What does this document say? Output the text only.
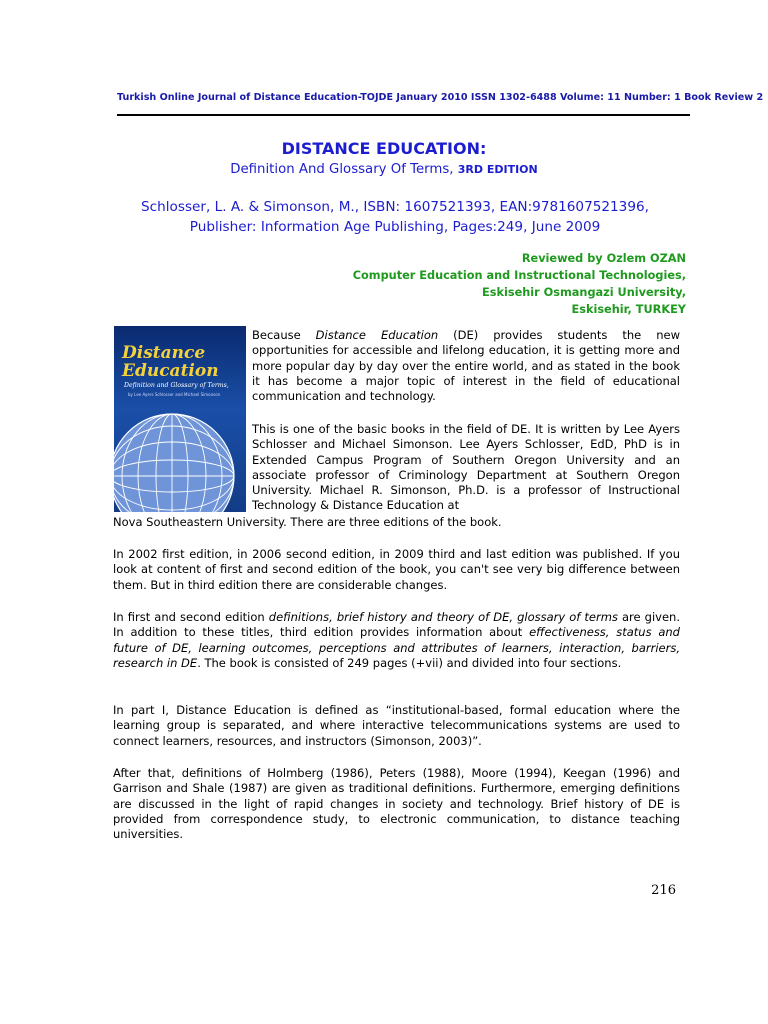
Turkish Online Journal of Distance Education-TOJDE January 2010 ISSN 1302-6488 Volume: 11 Number: 1 Book Review 2
DISTANCE EDUCATION:
Definition And Glossary Of Terms, 3RD EDITION
Schlosser, L. A. & Simonson, M., ISBN: 1607521393, EAN:9781607521396,
Publisher: Information Age Publishing, Pages:249, June 2009
Reviewed by Ozlem OZAN
Computer Education and Instructional Technologies,
Eskisehir Osmangazi University,
Eskisehir, TURKEY
Distance
Education
Definition and Glossary of Terms,
by Lee Ayers Schlosser and Michael Simonson

Because Distance Education (DE) provides students the new opportunities for accessible and lifelong education, it is getting more and more popular day by day over the entire world, and as stated in the book it has become a major topic of interest in the field of educational communication and technology.

This is one of the basic books in the field of DE. It is written by Lee Ayers Schlosser and Michael Simonson. Lee Ayers Schlosser, EdD, PhD is in Extended Campus Program of Southern Oregon University and an associate professor of Criminology Department at Southern Oregon University. Michael R. Simonson, Ph.D. is a professor of Instructional Technology & Distance Education at

Nova Southeastern University. There are three editions of the book.

In 2002 first edition, in 2006 second edition, in 2009 third and last edition was published. If you look at content of first and second edition of the book, you can't see very big difference between them. But in third edition there are considerable changes.

In first and second edition definitions, brief history and theory of DE, glossary of terms are given. In addition to these titles, third edition provides information about effectiveness, status and future of DE, learning outcomes, perceptions and attributes of learners, interaction, barriers, research in DE. The book is consisted of 249 pages (+vii) and divided into four sections.

In part I, Distance Education is defined as “institutional-based, formal education where the learning group is separated, and where interactive telecommunications systems are used to connect learners, resources, and instructors (Simonson, 2003)”.

After that, definitions of Holmberg (1986), Peters (1988), Moore (1994), Keegan (1996) and Garrison and Shale (1987) are given as traditional definitions. Furthermore, emerging definitions are discussed in the light of rapid changes in society and technology. Brief history of DE is provided from correspondence study, to electronic communication, to distance teaching universities.

216
